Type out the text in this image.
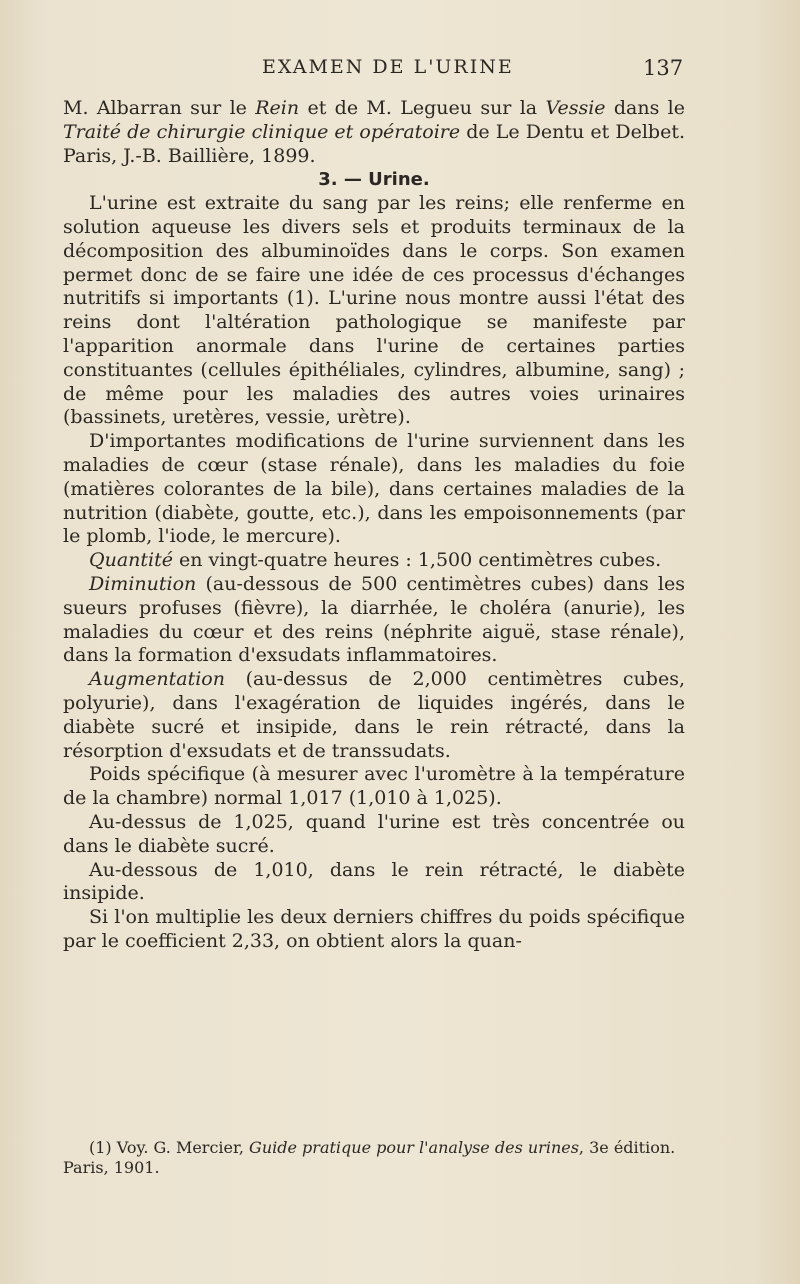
EXAMEN DE L'URINE	137

M. Albarran sur le Rein et de M. Legueu sur la Vessie dans le Traité de chirurgie clinique et opératoire de Le Dentu et Delbet. Paris, J.-B. Baillière, 1899.

3. — Urine.

L'urine est extraite du sang par les reins; elle renferme en solution aqueuse les divers sels et produits terminaux de la décomposition des albuminoïdes dans le corps. Son examen permet donc de se faire une idée de ces processus d'échanges nutritifs si importants (1). L'urine nous montre aussi l'état des reins dont l'altération pathologique se manifeste par l'apparition anormale dans l'urine de certaines parties constituantes (cellules épithéliales, cylindres, albumine, sang) ; de même pour les maladies des autres voies urinaires (bassinets, uretères, vessie, urètre).

D'importantes modifications de l'urine surviennent dans les maladies de cœur (stase rénale), dans les maladies du foie (matières colorantes de la bile), dans certaines maladies de la nutrition (diabète, goutte, etc.), dans les empoisonnements (par le plomb, l'iode, le mercure).

Quantité en vingt-quatre heures : 1,500 centimètres cubes.

Diminution (au-dessous de 500 centimètres cubes) dans les sueurs profuses (fièvre), la diarrhée, le choléra (anurie), les maladies du cœur et des reins (néphrite aiguë, stase rénale), dans la formation d'exsudats inflammatoires.

Augmentation (au-dessus de 2,000 centimètres cubes, polyurie), dans l'exagération de liquides ingérés, dans le diabète sucré et insipide, dans le rein rétracté, dans la résorption d'exsudats et de transsudats.

Poids spécifique (à mesurer avec l'uromètre à la température de la chambre) normal 1,017 (1,010 à 1,025).

Au-dessus de 1,025, quand l'urine est très concentrée ou dans le diabète sucré.

Au-dessous de 1,010, dans le rein rétracté, le diabète insipide.

Si l'on multiplie les deux derniers chiffres du poids spécifique par le coefficient 2,33, on obtient alors la quan-

(1) Voy. G. Mercier, Guide pratique pour l'analyse des urines, 3e édition. Paris, 1901.
